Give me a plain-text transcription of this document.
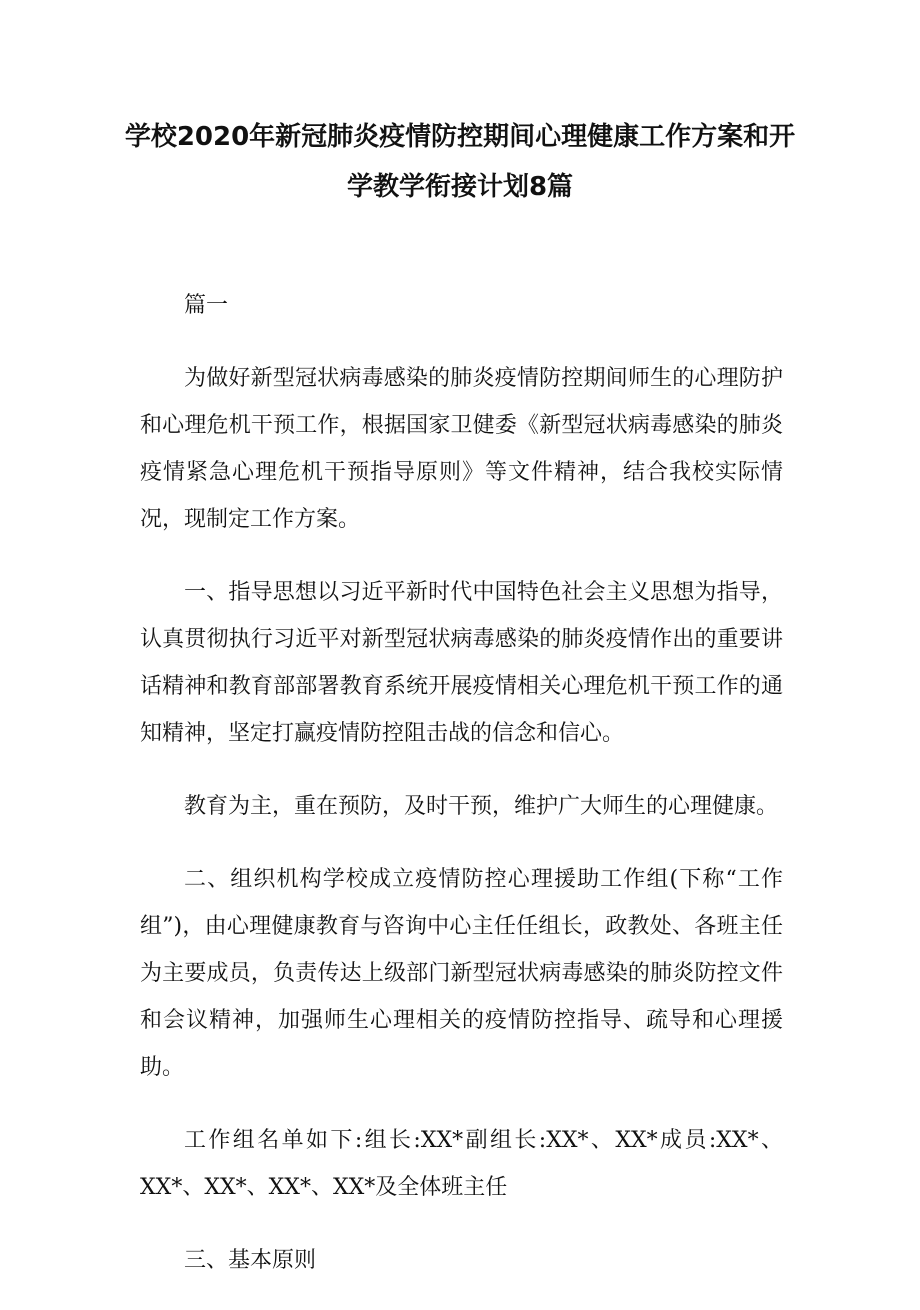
学校2020年新冠肺炎疫情防控期间心理健康工作方案和开学教学衔接计划8篇

篇一

为做好新型冠状病毒感染的肺炎疫情防控期间师生的心理防护和心理危机干预工作，根据国家卫健委《新型冠状病毒感染的肺炎疫情紧急心理危机干预指导原则》等文件精神，结合我校实际情况，现制定工作方案。

一、指导思想以习近平新时代中国特色社会主义思想为指导，认真贯彻执行习近平对新型冠状病毒感染的肺炎疫情作出的重要讲话精神和教育部部署教育系统开展疫情相关心理危机干预工作的通知精神，坚定打赢疫情防控阻击战的信念和信心。

教育为主，重在预防，及时干预，维护广大师生的心理健康。

二、组织机构学校成立疫情防控心理援助工作组(下称“工作组”)，由心理健康教育与咨询中心主任任组长，政教处、各班主任为主要成员，负责传达上级部门新型冠状病毒感染的肺炎防控文件和会议精神，加强师生心理相关的疫情防控指导、疏导和心理援助。

工作组名单如下:组长:XX*副组长:XX*、XX*成员:XX*、XX*、XX*、XX*、XX*及全体班主任

三、基本原则
